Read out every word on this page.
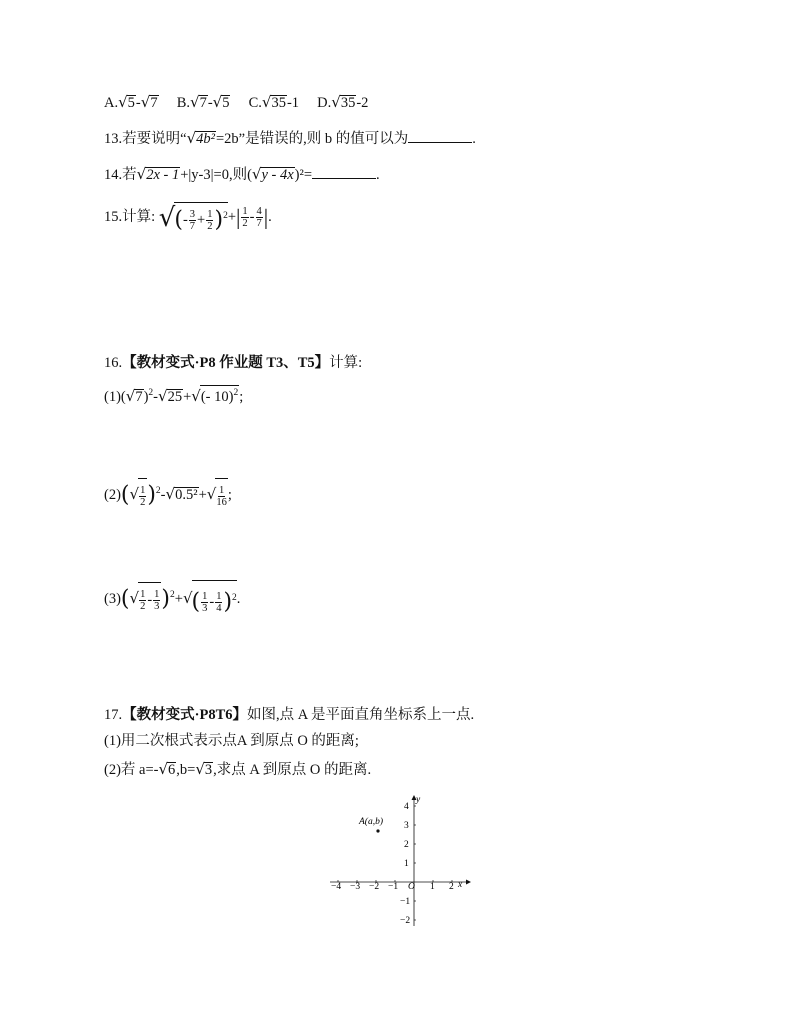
A.√5-√7 B.√7-√5 C.√35-1 D.√35-2
13.若要说明“√4b²=2b”是错误的,则 b 的值可以为	.
14.若√2x - 1+|y-3|=0,则(√y - 4x)²=	.
15.计算: √(- $\frac{3}{7} + \frac{1}{2} )^2+| \frac{1}{2} - \frac{4}{7}$ |.
16.【教材变式·P8 作业题 T3、T5】计算:
$(1)(√7)^2-√25+√(-$ 10)$^2$;
$(2)(√ \frac{1}{2} )^2-√0.5^2+√ \frac{1}{16}$ ;
$(3)(√ \frac{1}{2} - \frac{1}{3} )^2+√( \frac{1}{3} - \frac{1}{4} )^2$.
17.【教材变式·P8T6】如图,点 A 是平面直角坐标系上一点.
(1)用二次根式表示点A 到原点 O 的距离;
(2)若 a=-√6,b=√3,求点 A 到原点 O 的距离.
−4 −3 −2 −1 O 1 2 x
4
3
2
1
−1
−2
y
A(a,b)
